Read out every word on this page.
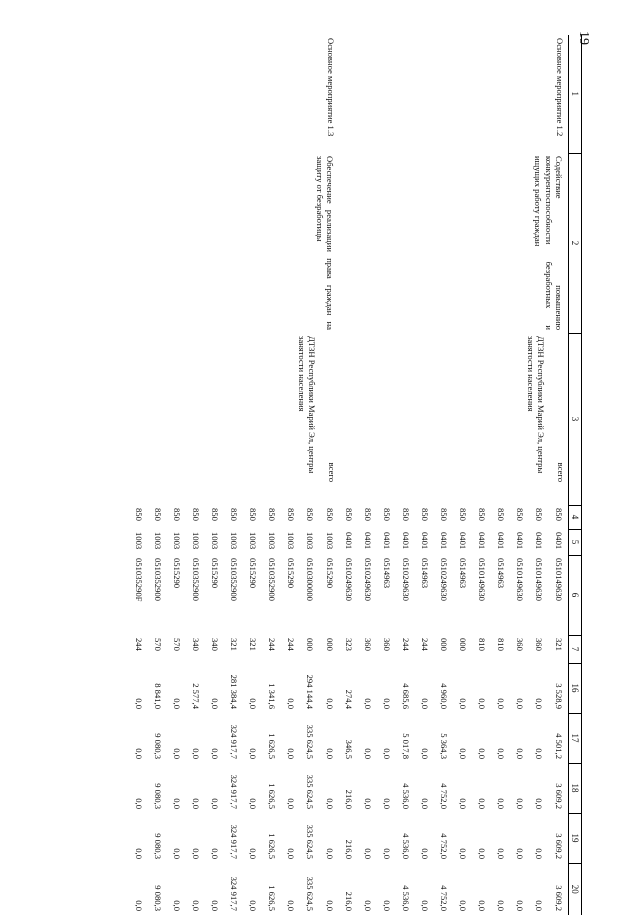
19
1	2	3	4	5	6	7	16	17	18	19	20
Основное мероприятие 1.2	Содействие повышению конкурентоспособности безработных и ищущих работу граждан	всего	850	0401	0510149630	321	3 528,9	4 501,2	3 609,2	3 609,2	3 609,2
		ДТЗН Республики Марий Эл, центры занятости населения	850	0401	0510149630	360	0,0	0,0	0,0	0,0	0,0
			850	0401	0510149630	360	0,0	0,0	0,0	0,0	0,0
			850	0401	0514963	810	0,0	0,0	0,0	0,0	0,0
			850	0401	0510149630	810	0,0	0,0	0,0	0,0	0,0
			850	0401	0514963	000	0,0	0,0	0,0	0,0	0,0
			850	0401	0510249630	000	4 960,0	5 364,3	4 752,0	4 752,0	4 752,0
			850	0401	0514963	244	0,0	0,0	0,0	0,0	0,0
			850	0401	0510249630	244	4 685,6	5 017,8	4 536,0	4 536,0	4 536,0
			850	0401	0514963	360	0,0	0,0	0,0	0,0	0,0
			850	0401	0510249630	360	0,0	0,0	0,0	0,0	0,0
			850	0401	0510249630	323	274,4	346,5	216,0	216,0	216,0
Основное мероприятие 1.3	Обеспечение реализации права граждан на защиту от безработицы	всего	850	1003	0515290	000	0,0	0,0	0,0	0,0	0,0
		ДТЗН Республики Марий Эл, центры занятости населения	850	1003	0510300000	000	294 144,4	335 624,5	335 624,5	335 624,5	335 624,5
			850	1003	0515290	244	0,0	0,0	0,0	0,0	0,0
			850	1003	0510352900	244	1 341,6	1 626,5	1 626,5	1 626,5	1 626,5
			850	1003	0515290	321	0,0	0,0	0,0	0,0	0,0
			850	1003	0510352900	321	281 384,4	324 917,7	324 917,7	324 917,7	324 917,7
			850	1003	0515290	340	0,0	0,0	0,0	0,0	0,0
			850	1003	0510352900	340	2 577,4	0,0	0,0	0,0	0,0
			850	1003	0515290	570	0,0	0,0	0,0	0,0	0,0
			850	1003	0510352900	570	8 841,0	9 080,3	9 080,3	9 080,3	9 080,3
			850	1003	051035290F	244	0,0	0,0	0,0	0,0	0,0
